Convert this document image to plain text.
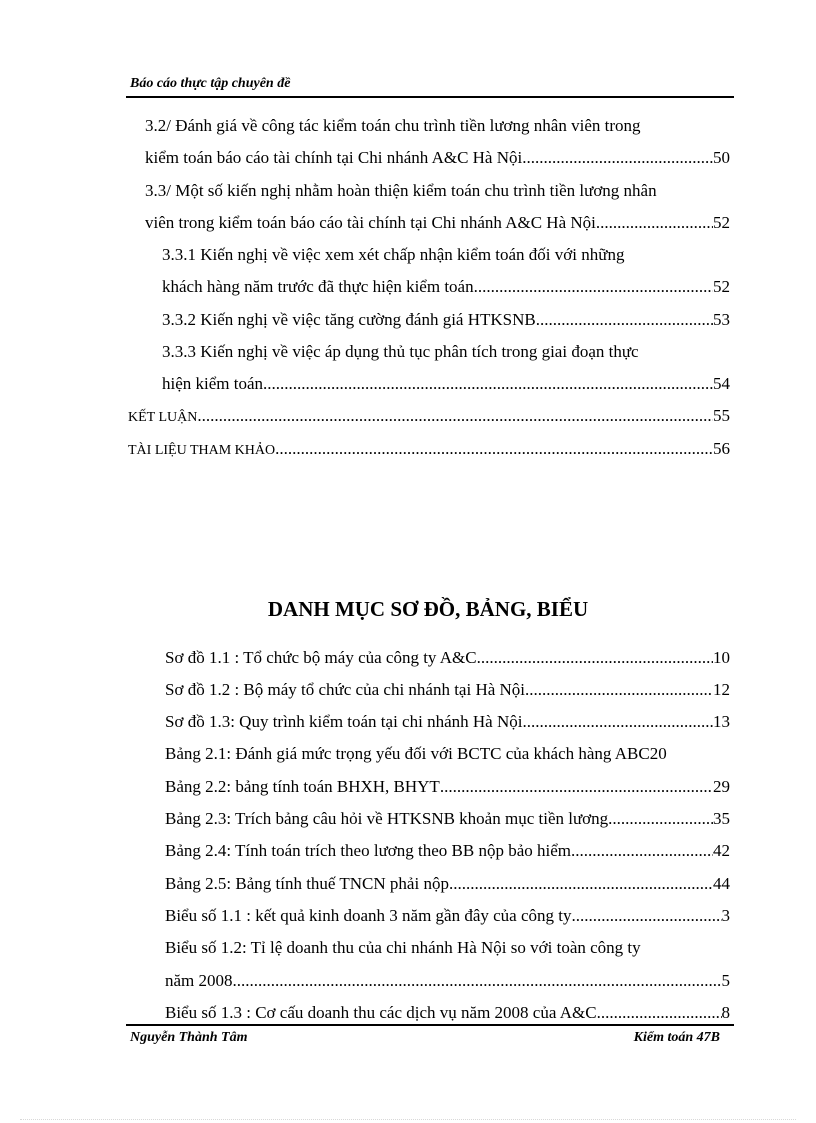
Báo cáo thực tập chuyên đề
3.2/ Đánh giá về công tác kiểm toán chu trình tiền lương nhân viên trong
kiểm toán báo cáo tài chính tại Chi nhánh A&C Hà Nội. .....	50
3.3/ Một số kiến nghị nhằm hoàn thiện kiểm toán chu trình tiền lương nhân
viên trong kiểm toán báo cáo tài chính tại Chi nhánh A&C Hà Nội .....	52
3.3.1 Kiến nghị về việc xem xét chấp nhận kiểm toán đối với những
khách hàng năm trước đã thực hiện kiểm toán .....	52
3.3.2 Kiến nghị về việc tăng cường đánh giá HTKSNB .....	53
3.3.3 Kiến nghị về việc áp dụng thủ tục phân tích trong giai đoạn thực
hiện kiểm toán. .....	54
KẾT LUẬN .....	55
TÀI LIỆU THAM KHẢO .....	56
DANH MỤC SƠ ĐỒ, BẢNG, BIỂU
Sơ đồ 1.1 : Tổ chức bộ máy của công ty A&C .....	10
Sơ đồ 1.2 : Bộ máy tổ chức của chi nhánh tại Hà Nội .....	12
Sơ đồ 1.3: Quy trình kiểm toán tại chi nhánh Hà Nội .....	13
Bảng 2.1: Đánh giá mức trọng yếu đối với BCTC của khách hàng ABC20
Bảng 2.2: bảng tính toán BHXH, BHYT .....	29
Bảng 2.3: Trích bảng câu hỏi về HTKSNB khoản mục tiền lương .....	35
Bảng 2.4: Tính toán trích theo lương theo BB nộp bảo hiểm .....	42
Bảng 2.5: Bảng tính thuế TNCN phải nộp .....	44
Biểu số 1.1 : kết quả kinh doanh 3 năm gần đây của công ty .....	3
Biểu số 1.2: Tỉ lệ doanh thu của chi nhánh Hà Nội so với toàn công ty
năm 2008 .....	5
Biểu số 1.3 : Cơ cấu doanh thu các dịch vụ năm 2008 của A&C .....	8
Nguyễn Thành Tâm	Kiểm toán 47B
